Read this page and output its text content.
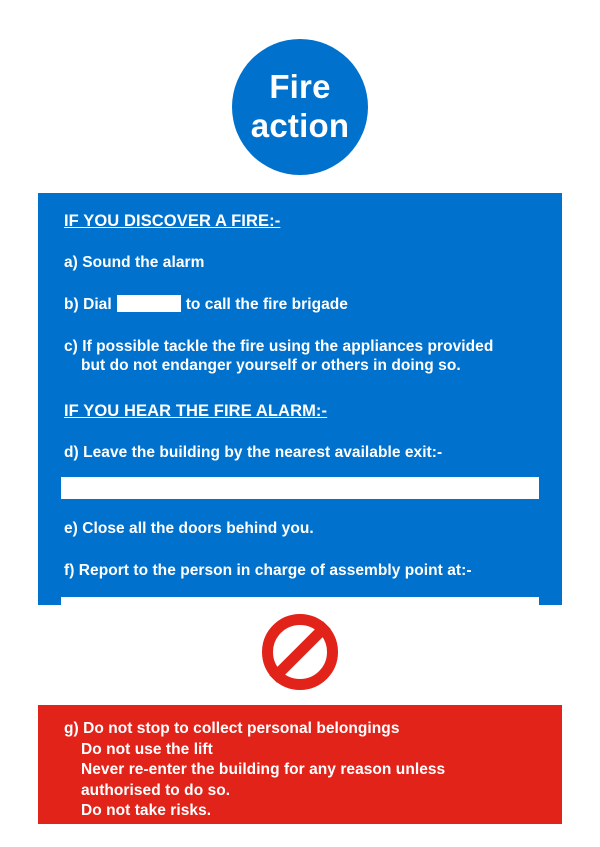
Fire
action
IF YOU DISCOVER A FIRE:-
a) Sound the alarm
b) Dial	to call the fire brigade
c) If possible tackle the fire using the appliances provided
but do not endanger yourself or others in doing so.
IF YOU HEAR THE FIRE ALARM:-
d) Leave the building by the nearest available exit:-
e) Close all the doors behind you.
f) Report to the person in charge of assembly point at:-
g) Do not stop to collect personal belongings
Do not use the lift
Never re-enter the building for any reason unless
authorised to do so.
Do not take risks.
